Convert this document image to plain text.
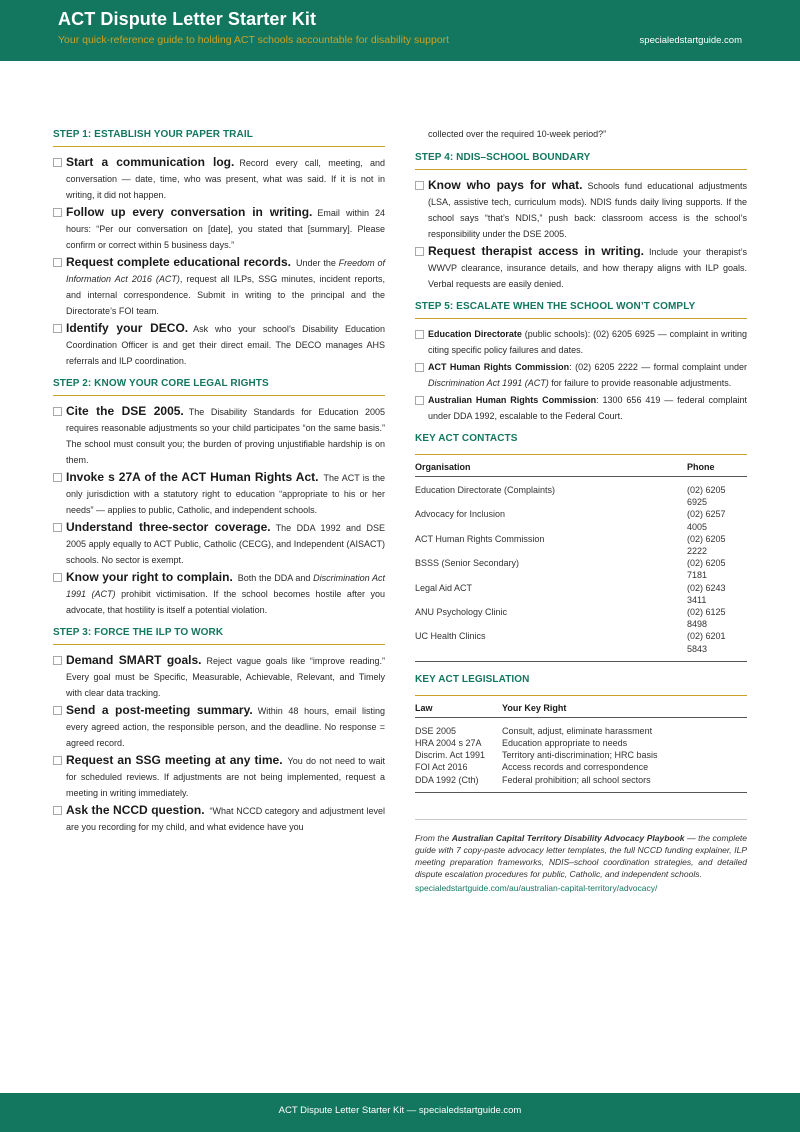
ACT Dispute Letter Starter Kit
Your quick-reference guide to holding ACT schools accountable for disability support	specialedstartguide.com
STEP 1: ESTABLISH YOUR PAPER TRAIL
Start a communication log. Record every call, meeting, and conversation — date, time, who was present, what was said. If it is not in writing, it did not happen.
Follow up every conversation in writing. Email within 24 hours: “Per our conversation on [date], you stated that [summary]. Please confirm or correct within 5 business days.”
Request complete educational records. Under the Freedom of Information Act 2016 (ACT), request all ILPs, SSG minutes, incident reports, and internal correspondence. Submit in writing to the principal and the Directorate’s FOI team.
Identify your DECO. Ask who your school’s Disability Education Coordination Officer is and get their direct email. The DECO manages AHS referrals and ILP coordination.
STEP 2: KNOW YOUR CORE LEGAL RIGHTS
Cite the DSE 2005. The Disability Standards for Education 2005 requires reasonable adjustments so your child participates “on the same basis.” The school must consult you; the burden of proving unjustifiable hardship is on them.
Invoke s 27A of the ACT Human Rights Act. The ACT is the only jurisdiction with a statutory right to education “appropriate to his or her needs” — applies to public, Catholic, and independent schools.
Understand three-sector coverage. The DDA 1992 and DSE 2005 apply equally to ACT Public, Catholic (CECG), and Independent (AISACT) schools. No sector is exempt.
Know your right to complain. Both the DDA and Discrimination Act 1991 (ACT) prohibit victimisation. If the school becomes hostile after you advocate, that hostility is itself a potential violation.
STEP 3: FORCE THE ILP TO WORK
Demand SMART goals. Reject vague goals like “improve reading.” Every goal must be Specific, Measurable, Achievable, Relevant, and Timely with clear data tracking.
Send a post-meeting summary. Within 48 hours, email listing every agreed action, the responsible person, and the deadline. No response = agreed record.
Request an SSG meeting at any time. You do not need to wait for scheduled reviews. If adjustments are not being implemented, request a meeting in writing immediately.
Ask the NCCD question. “What NCCD category and adjustment level are you recording for my child, and what evidence have you
collected over the required 10-week period?”
STEP 4: NDIS–SCHOOL BOUNDARY
Know who pays for what. Schools fund educational adjustments (LSA, assistive tech, curriculum mods). NDIS funds daily living supports. If the school says “that’s NDIS,” push back: classroom access is the school’s responsibility under the DSE 2005.
Request therapist access in writing. Include your therapist’s WWVP clearance, insurance details, and how therapy aligns with ILP goals. Verbal requests are easily denied.
STEP 5: ESCALATE WHEN THE SCHOOL WON’T COMPLY
Education Directorate (public schools): (02) 6205 6925 — complaint in writing citing specific policy failures and dates.
ACT Human Rights Commission: (02) 6205 2222 — formal complaint under Discrimination Act 1991 (ACT) for failure to provide reasonable adjustments.
Australian Human Rights Commission: 1300 656 419 — federal complaint under DDA 1992, escalable to the Federal Court.
KEY ACT CONTACTS
Organisation	Phone
Education Directorate (Complaints)	(02) 6205 6925
Advocacy for Inclusion	(02) 6257 4005
ACT Human Rights Commission	(02) 6205 2222
BSSS (Senior Secondary)	(02) 6205 7181
Legal Aid ACT	(02) 6243 3411
ANU Psychology Clinic	(02) 6125 8498
UC Health Clinics	(02) 6201 5843
KEY ACT LEGISLATION
Law	Your Key Right
DSE 2005	Consult, adjust, eliminate harassment
HRA 2004 s 27A	Education appropriate to needs
Discrim. Act 1991	Territory anti-discrimination; HRC basis
FOI Act 2016	Access records and correspondence
DDA 1992 (Cth)	Federal prohibition; all school sectors
From the Australian Capital Territory Disability Advocacy Playbook — the complete guide with 7 copy-paste advocacy letter templates, the full NCCD funding explainer, ILP meeting preparation frameworks, NDIS–school coordination strategies, and detailed dispute escalation procedures for public, Catholic, and independent schools.
specialedstartguide.com/au/australian-capital-territory/advocacy/
ACT Dispute Letter Starter Kit — specialedstartguide.com
